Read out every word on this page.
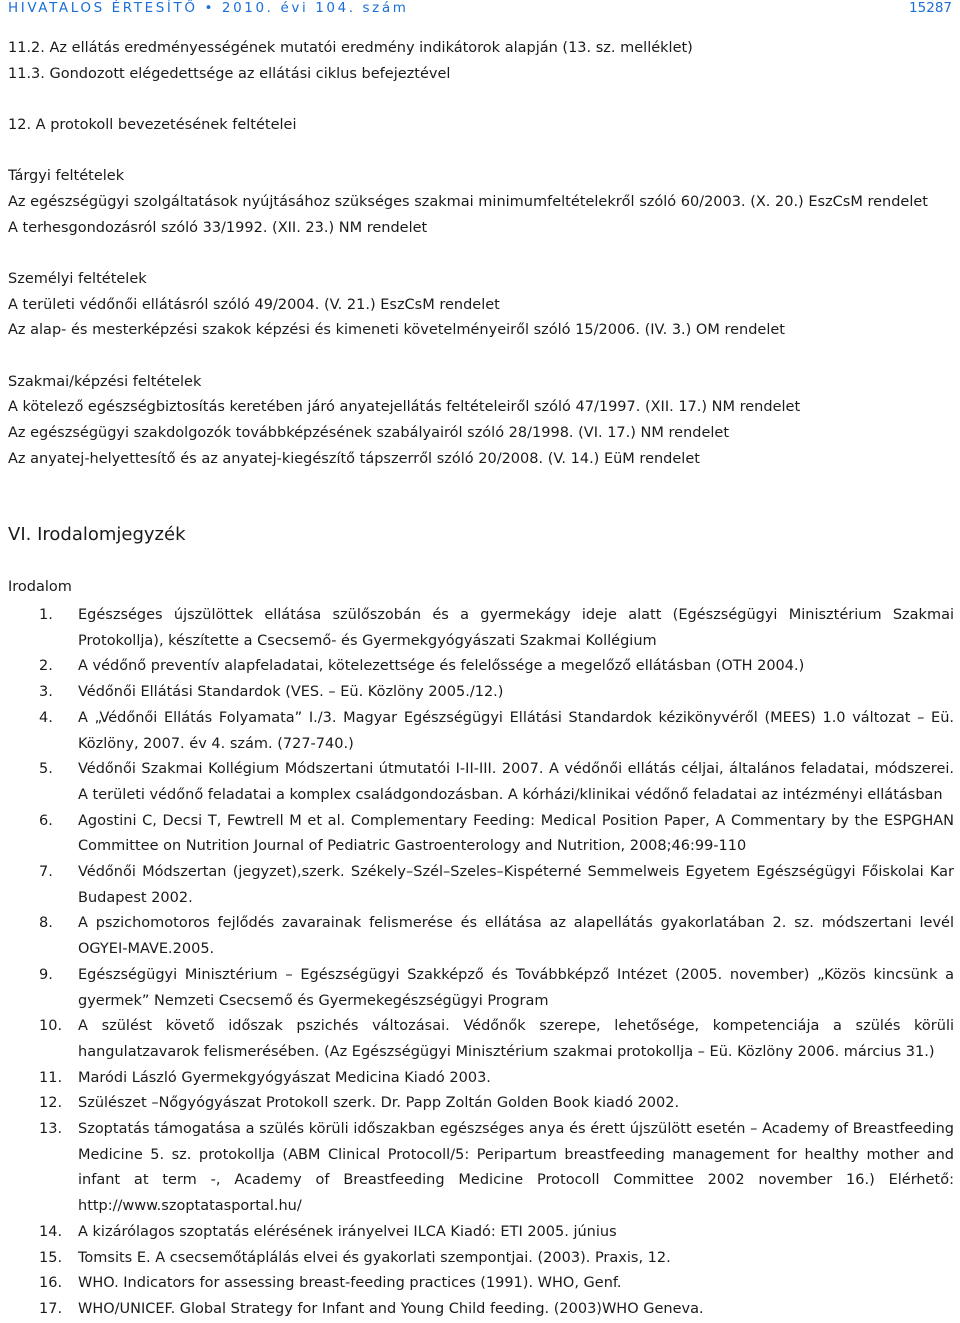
HIVATALOS ÉRTESÍTŐ • 2010. évi 104. szám	15287
11.2. Az ellátás eredményességének mutatói eredmény indikátorok alapján (13. sz. melléklet)
11.3. Gondozott elégedettsége az ellátási ciklus befejeztével
12. A protokoll bevezetésének feltételei
Tárgyi feltételek
Az egészségügyi szolgáltatások nyújtásához szükséges szakmai minimumfeltételekről szóló 60/2003. (X. 20.) EszCsM rendelet
A terhesgondozásról szóló 33/1992. (XII. 23.) NM rendelet
Személyi feltételek
A területi védőnői ellátásról szóló 49/2004. (V. 21.) EszCsM rendelet
Az alap- és mesterképzési szakok képzési és kimeneti követelményeiről szóló 15/2006. (IV. 3.) OM rendelet
Szakmai/képzési feltételek
A kötelező egészségbiztosítás keretében járó anyatejellátás feltételeiről szóló 47/1997. (XII. 17.) NM rendelet
Az egészségügyi szakdolgozók továbbképzésének szabályairól szóló 28/1998. (VI. 17.) NM rendelet
Az anyatej-helyettesítő és az anyatej-kiegészítő tápszerről szóló 20/2008. (V. 14.) EüM rendelet
VI. Irodalomjegyzék
Irodalom
1.	Egészséges újszülöttek ellátása szülőszobán és a gyermekágy ideje alatt (Egészségügyi Minisztérium Szakmai Protokollja), készítette a Csecsemő- és Gyermekgyógyászati Szakmai Kollégium
2.	A védőnő preventív alapfeladatai, kötelezettsége és felelőssége a megelőző ellátásban (OTH 2004.)
3.	Védőnői Ellátási Standardok (VES. – Eü. Közlöny 2005./12.)
4.	A „Védőnői Ellátás Folyamata” I./3. Magyar Egészségügyi Ellátási Standardok kézikönyvéről (MEES) 1.0 változat – Eü. Közlöny, 2007. év 4. szám. (727-740.)
5.	Védőnői Szakmai Kollégium Módszertani útmutatói I-II-III. 2007. A védőnői ellátás céljai, általános feladatai, módszerei. A területi védőnő feladatai a komplex családgondozásban. A kórházi/klinikai védőnő feladatai az intézményi ellátásban
6.	Agostini C, Decsi T, Fewtrell M et al. Complementary Feeding: Medical Position Paper, A Commentary by the ESPGHAN Committee on Nutrition Journal of Pediatric Gastroenterology and Nutrition, 2008;46:99-110
7.	Védőnői Módszertan (jegyzet),szerk. Székely–Szél–Szeles–Kispéterné Semmelweis Egyetem Egészségügyi Főiskolai Kar Budapest 2002.
8.	A pszichomotoros fejlődés zavarainak felismerése és ellátása az alapellátás gyakorlatában 2. sz. módszertani levél OGYEI-MAVE.2005.
9.	Egészségügyi Minisztérium – Egészségügyi Szakképző és Továbbképző Intézet (2005. november) „Közös kincsünk a gyermek” Nemzeti Csecsemő és Gyermekegészségügyi Program
10.	A szülést követő időszak pszichés változásai. Védőnők szerepe, lehetősége, kompetenciája a szülés körüli hangulatzavarok felismerésében. (Az Egészségügyi Minisztérium szakmai protokollja – Eü. Közlöny 2006. március 31.)
11.	Maródi László Gyermekgyógyászat Medicina Kiadó 2003.
12.	Szülészet –Nőgyógyászat Protokoll szerk. Dr. Papp Zoltán Golden Book kiadó 2002.
13.	Szoptatás támogatása a szülés körüli időszakban egészséges anya és érett újszülött esetén – Academy of Breastfeeding Medicine 5. sz. protokollja (ABM Clinical Protocoll/5: Peripartum breastfeeding management for healthy mother and infant at term -, Academy of Breastfeeding Medicine Protocoll Committee 2002 november 16.) Elérhető: http://www.szoptatasportal.hu/
14.	A kizárólagos szoptatás elérésének irányelvei ILCA Kiadó: ETI 2005. június
15.	Tomsits E. A csecsemőtáplálás elvei és gyakorlati szempontjai. (2003). Praxis, 12.
16.	WHO. Indicators for assessing breast-feeding practices (1991). WHO, Genf.
17.	WHO/UNICEF. Global Strategy for Infant and Young Child feeding. (2003)WHO Geneva.
